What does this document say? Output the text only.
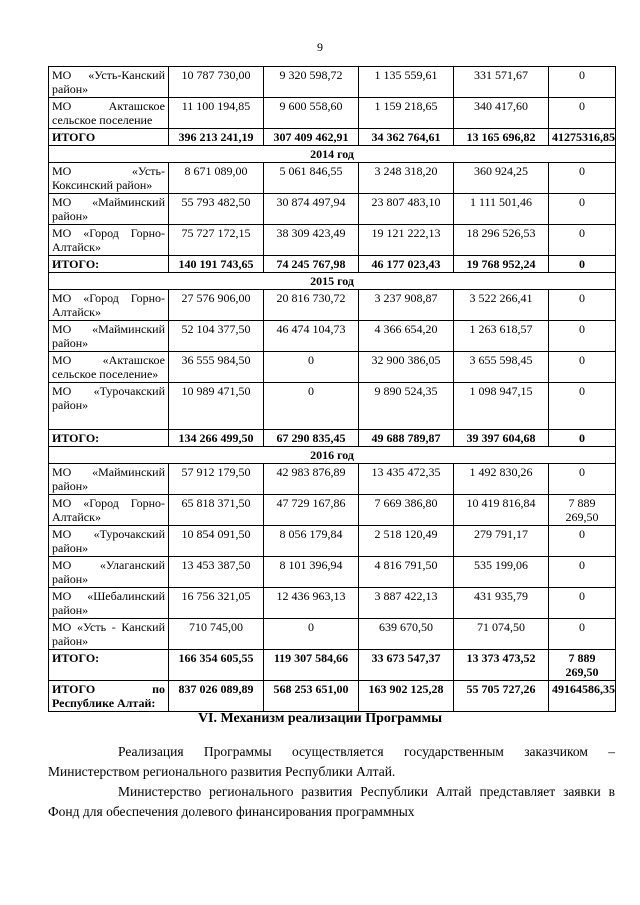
9
МО «Усть-Канский район»	10 787 730,00	9 320 598,72	1 135 559,61	331 571,67	0
МО Акташское сельское поселение	11 100 194,85	9 600 558,60	1 159 218,65	340 417,60	0
ИТОГО	396 213 241,19	307 409 462,91	34 362 764,61	13 165 696,82	41275316,85
2014 год					
МО «Усть-Коксинский район»	8 671 089,00	5 061 846,55	3 248 318,20	360 924,25	0
МО «Майминский район»	55 793 482,50	30 874 497,94	23 807 483,10	1 111 501,46	0
МО «Город Горно-Алтайск»	75 727 172,15	38 309 423,49	19 121 222,13	18 296 526,53	0
ИТОГО:	140 191 743,65	74 245 767,98	46 177 023,43	19 768 952,24	0
2015 год					
МО «Город Горно-Алтайск»	27 576 906,00	20 816 730,72	3 237 908,87	3 522 266,41	0
МО «Майминский район»	52 104 377,50	46 474 104,73	4 366 654,20	1 263 618,57	0
МО «Акташское сельское поселение»	36 555 984,50	0	32 900 386,05	3 655 598,45	0
МО «Турочакский район»	10 989 471,50	0	9 890 524,35	1 098 947,15	0
ИТОГО:	134 266 499,50	67 290 835,45	49 688 789,87	39 397 604,68	0
2016 год					
МО «Майминский район»	57 912 179,50	42 983 876,89	13 435 472,35	1 492 830,26	0
МО «Город Горно-Алтайск»	65 818 371,50	47 729 167,86	7 669 386,80	10 419 816,84	7 889 269,50
МО «Турочакский район»	10 854 091,50	8 056 179,84	2 518 120,49	279 791,17	0
МО «Улаганский район»	13 453 387,50	8 101 396,94	4 816 791,50	535 199,06	0
МО «Шебалинский район»	16 756 321,05	12 436 963,13	3 887 422,13	431 935,79	0
МО «Усть - Канский район»	710 745,00	0	639 670,50	71 074,50	0
ИТОГО:	166 354 605,55	119 307 584,66	33 673 547,37	13 373 473,52	7 889 269,50
ИТОГО по Республике Алтай:	837 026 089,89	568 253 651,00	163 902 125,28	55 705 727,26	49164586,35
VI. Механизм реализации Программы
Реализация Программы осуществляется государственным заказчиком – Министерством регионального развития Республики Алтай.
Министерство регионального развития Республики Алтай представляет заявки в Фонд для обеспечения долевого финансирования программных
